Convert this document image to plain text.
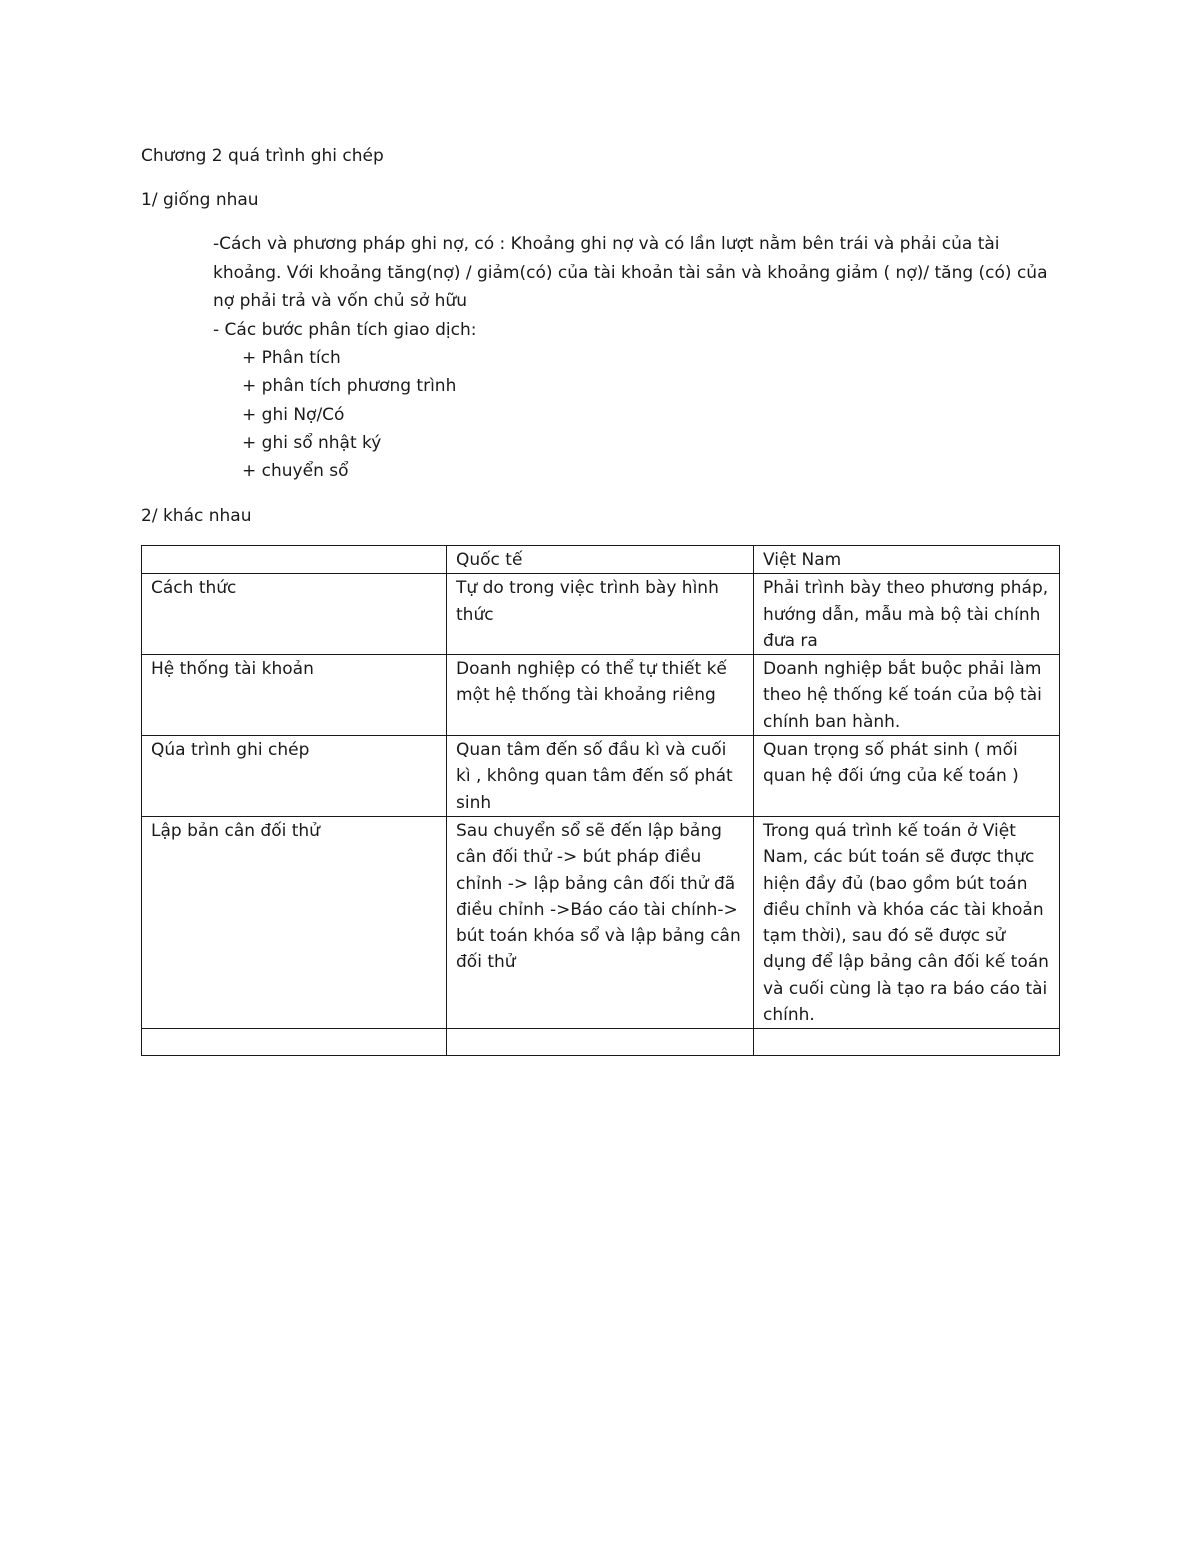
Chương 2 quá trình ghi chép
1/ giống nhau

-Cách và phương pháp ghi nợ, có : Khoảng ghi nợ và có lần lượt nằm bên trái và phải của tài khoảng. Với khoảng tăng(nợ) / giảm(có) của tài khoản tài sản và khoảng giảm ( nợ)/ tăng (có) của nợ phải trả và vốn chủ sở hữu

- Các bước phân tích giao dịch:

+ Phân tích
+ phân tích phương trình
+ ghi Nợ/Có
+ ghi sổ nhật ký
+ chuyển sổ
2/ khác nhau
	Quốc tế	Việt Nam
Cách thức	Tự do trong việc trình bày hình thức	Phải trình bày theo phương pháp, hướng dẫn, mẫu mà bộ tài chính đưa ra
Hệ thống tài khoản	Doanh nghiệp có thể tự thiết kế một hệ thống tài khoảng riêng	Doanh nghiệp bắt buộc phải làm theo hệ thống kế toán của bộ tài chính ban hành.
Qúa trình ghi chép	Quan tâm đến số đầu kì và cuối kì , không quan tâm đến số phát sinh	Quan trọng số phát sinh ( mối quan hệ đối ứng của kế toán )
Lập bản cân đối thử	Sau chuyển sổ sẽ đến lập bảng cân đối thử -> bút pháp điều chỉnh -> lập bảng cân đối thử đã điều chỉnh ->Báo cáo tài chính-> bút toán khóa sổ và lập bảng cân đối thử	Trong quá trình kế toán ở Việt Nam, các bút toán sẽ được thực hiện đầy đủ (bao gồm bút toán điều chỉnh và khóa các tài khoản tạm thời), sau đó sẽ được sử dụng để lập bảng cân đối kế toán và cuối cùng là tạo ra báo cáo tài chính.
